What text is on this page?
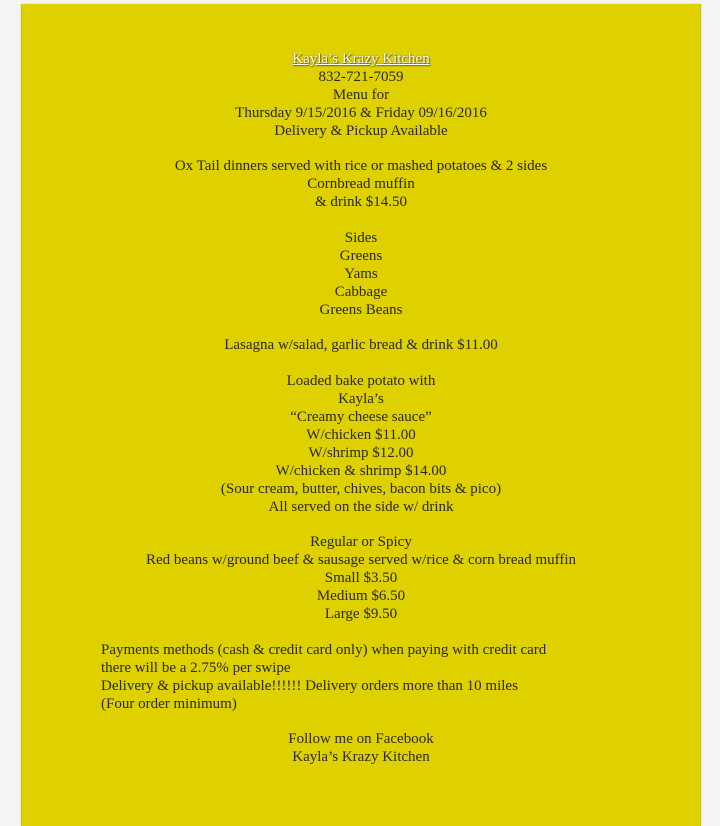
Kayla’s Krazy Kitchen
832-721-7059
Menu for
Thursday 9/15/2016 & Friday 09/16/2016
Delivery & Pickup Available
Ox Tail dinners served with rice or mashed potatoes & 2 sides
Cornbread muffin
& drink $14.50
Sides
Greens
Yams
Cabbage
Greens Beans
Lasagna w/salad, garlic bread & drink $11.00
Loaded bake potato with
Kayla’s
“Creamy cheese sauce”
W/chicken $11.00
W/shrimp $12.00
W/chicken & shrimp $14.00
(Sour cream, butter, chives, bacon bits & pico)
All served on the side w/ drink
Regular or Spicy
Red beans w/ground beef & sausage served w/rice & corn bread muffin
Small $3.50
Medium $6.50
Large $9.50
Payments methods (cash & credit card only) when paying with credit card
there will be a 2.75% per swipe
Delivery & pickup available!!!!!! Delivery orders more than 10 miles
(Four order minimum)
Follow me on Facebook
Kayla’s Krazy Kitchen
